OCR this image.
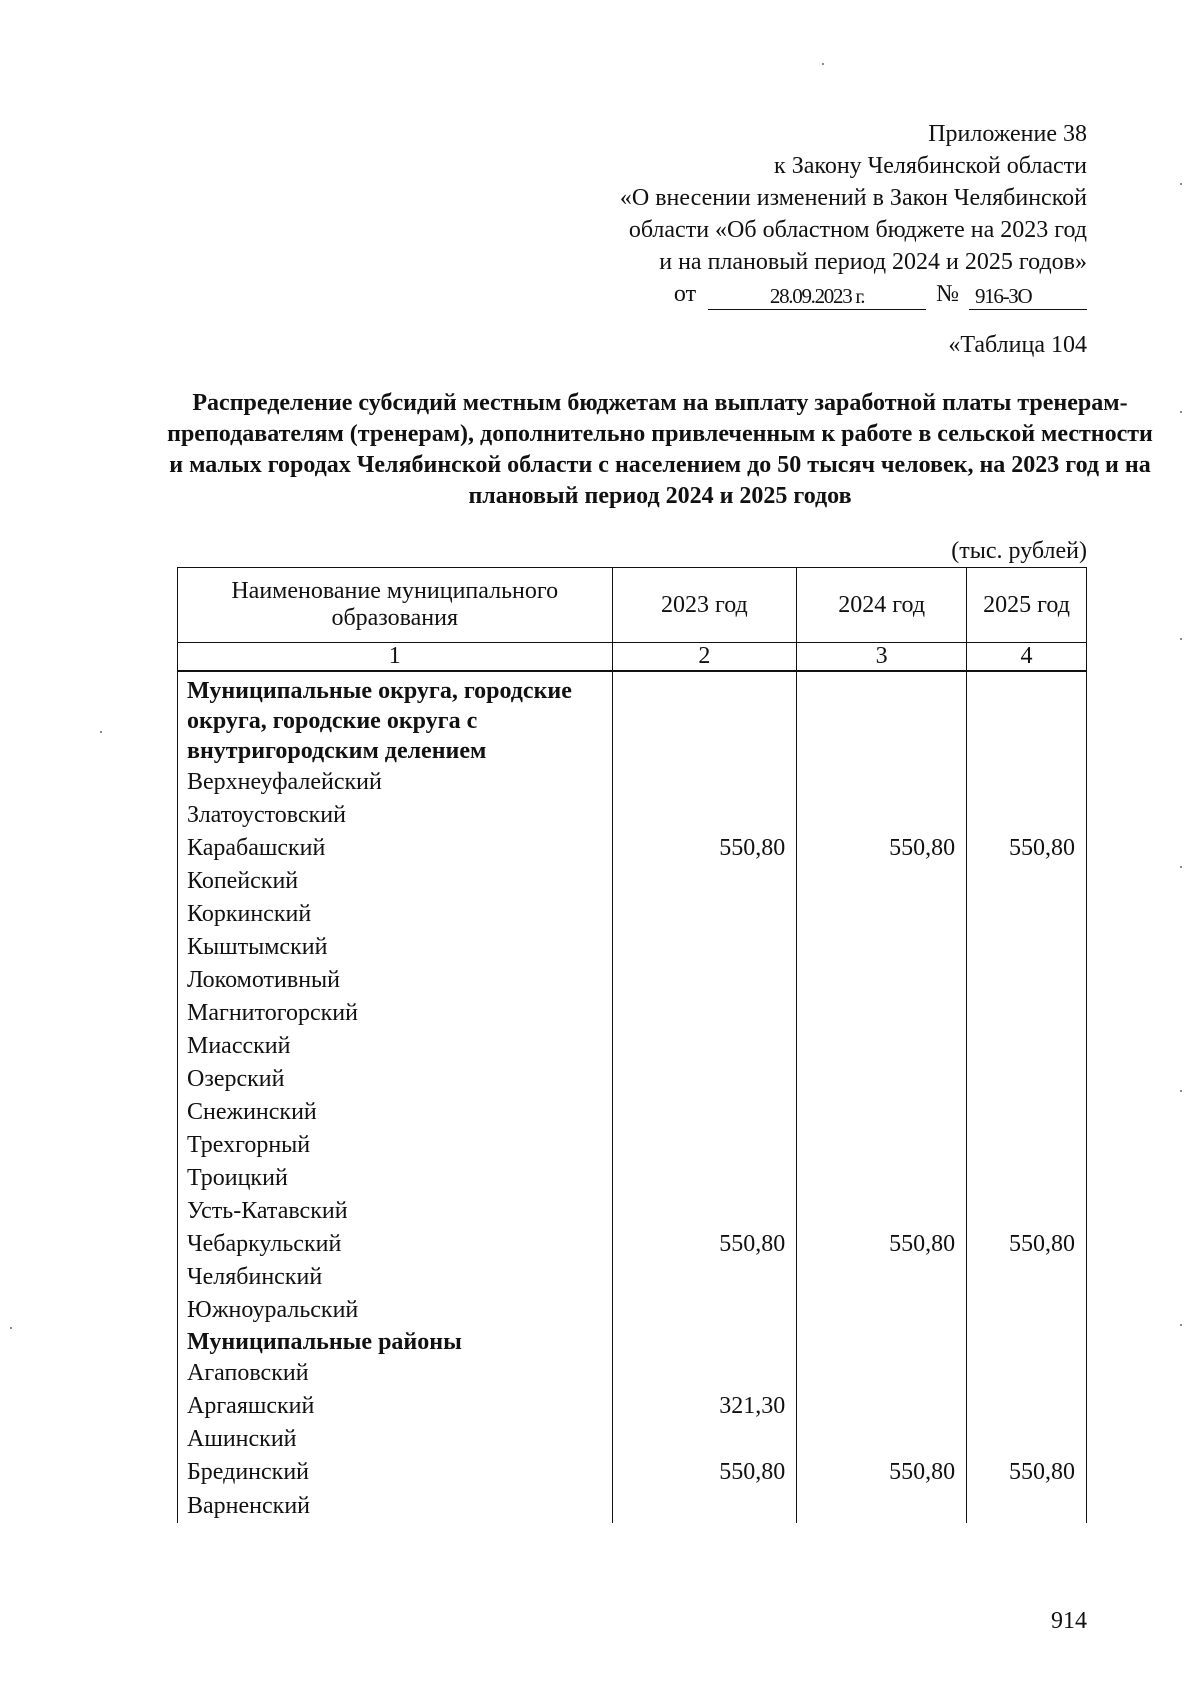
Приложение 38
к Закону Челябинской области
«О внесении изменений в Закон Челябинской
области «Об областном бюджете на 2023 год
и на плановый период 2024 и 2025 годов»
от	28.09.2023 г.	№ 916-ЗО
«Таблица 104
Распределение субсидий местным бюджетам на выплату заработной платы тренерам-преподавателям (тренерам), дополнительно привлеченным к работе в сельской местности и малых городах Челябинской области с населением до 50 тысяч человек, на 2023 год и на плановый период 2024 и 2025 годов
(тыс. рублей)
Наименование муниципального образования	2023 год	2024 год	2025 год
1	2	3	4

Муниципальные округа, городские округа, городские округа с внутригородским делением			
Верхнеуфалейский			
Златоустовский			
Карабашский	550,80	550,80	550,80
Копейский			
Коркинский			
Кыштымский			
Локомотивный			
Магнитогорский			
Миасский			
Озерский			
Снежинский			
Трехгорный			
Троицкий			
Усть-Катавский			
Чебаркульский	550,80	550,80	550,80
Челябинский			
Южноуральский			
Муниципальные районы			
Агаповский			
Аргаяшский	321,30		
Ашинский			
Брединский	550,80	550,80	550,80
Варненский			
914
